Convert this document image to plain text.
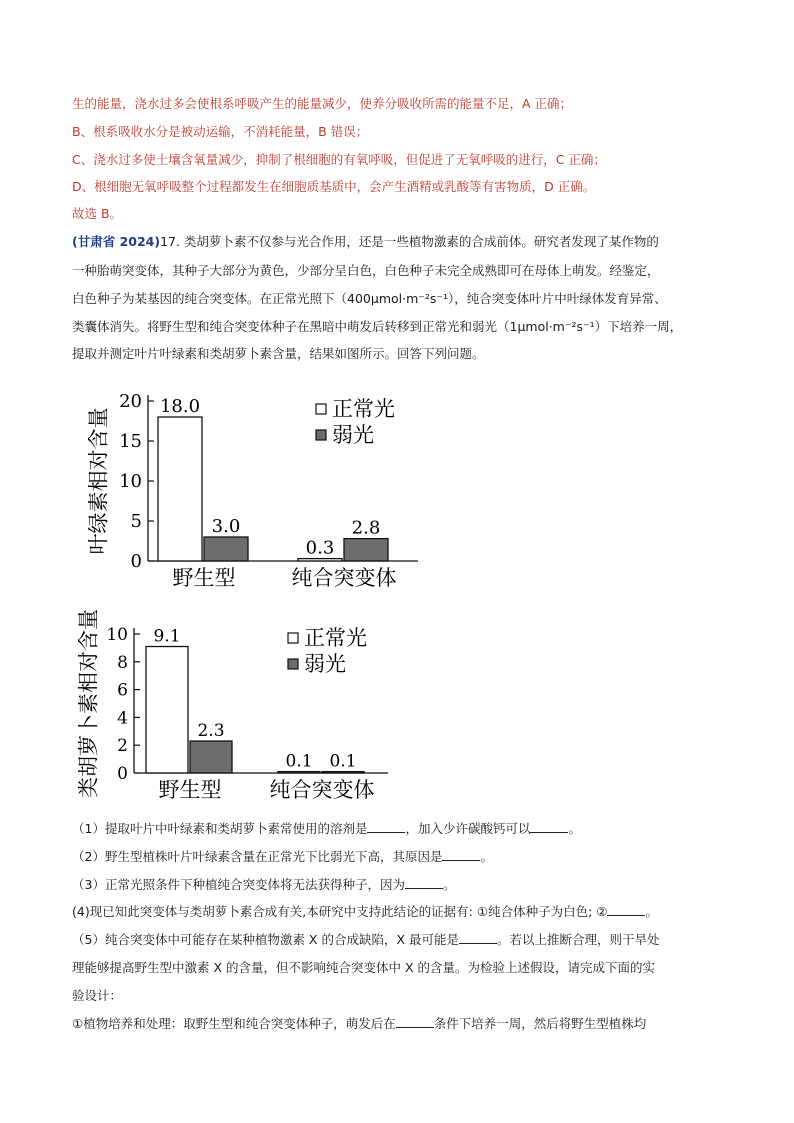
生的能量，浇水过多会使根系呼吸产生的能量减少，使养分吸收所需的能量不足，A 正确；
B、根系吸收水分是被动运输，不消耗能量，B 错误；
C、浇水过多使土壤含氧量减少，抑制了根细胞的有氧呼吸，但促进了无氧呼吸的进行，C 正确；
D、根细胞无氧呼吸整个过程都发生在细胞质基质中，会产生酒精或乳酸等有害物质，D 正确。
故选 B。
(甘肃省 2024)17. 类胡萝卜素不仅参与光合作用，还是一些植物激素的合成前体。研究者发现了某作物的
一种胎萌突变体，其种子大部分为黄色，少部分呈白色，白色种子未完全成熟即可在母体上萌发。经鉴定，
白色种子为某基因的纯合突变体。在正常光照下（400μmol·m⁻²s⁻¹），纯合突变体叶片中叶绿体发育异常、
类囊体消失。将野生型和纯合突变体种子在黑暗中萌发后转移到正常光和弱光（1μmol·m⁻²s⁻¹）下培养一周，
提取并测定叶片叶绿素和类胡萝卜素含量，结果如图所示。回答下列问题。
叶绿素相对含量
0
5
10
15
20 18.0
3.0
野生型
0.3
2.8
纯合突变体
正常光
弱光
类胡萝卜素相对含量 0
2
4
6
8
10 9.1
2.3
野生型
0.1 0.1
纯合突变体
正常光
弱光
（1）提取叶片中叶绿素和类胡萝卜素常使用的溶剂是	，加入少许碳酸钙可以	。
（2）野生型植株叶片叶绿素含量在正常光下比弱光下高，其原因是	。
（3）正常光照条件下种植纯合突变体将无法获得种子，因为	。
(4)现已知此突变体与类胡萝卜素合成有关,本研究中支持此结论的证据有: ①纯合体种子为白色; ②	。
（5）纯合突变体中可能存在某种植物激素 X 的合成缺陷，X 最可能是	。若以上推断合理，则干旱处
理能够提高野生型中激素 X 的含量，但不影响纯合突变体中 X 的含量。为检验上述假设，请完成下面的实
验设计：
①植物培养和处理：取野生型和纯合突变体种子，萌发后在	条件下培养一周，然后将野生型植株均
